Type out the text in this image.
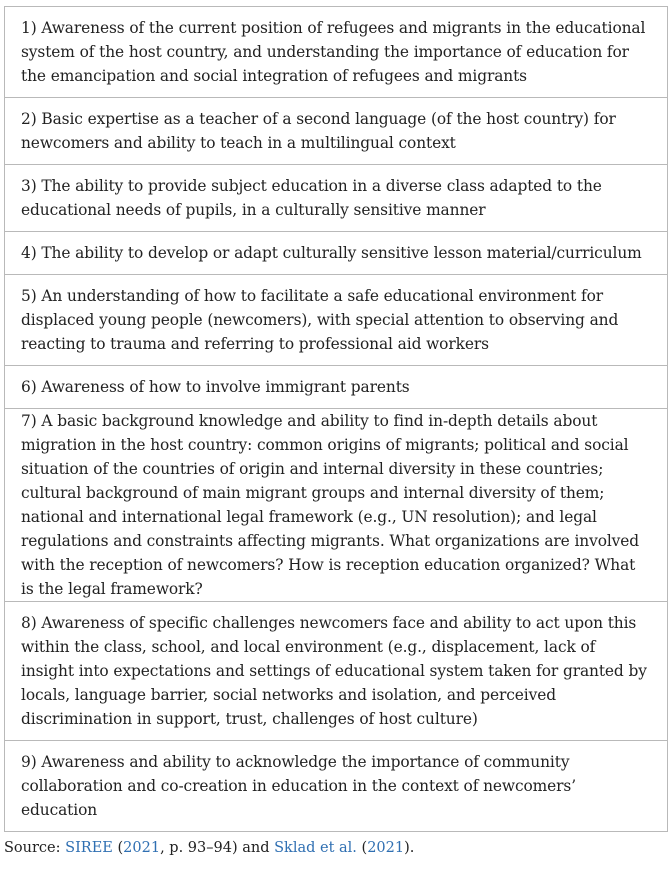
1) Awareness of the current position of refugees and migrants in the educational system of the host country, and understanding the importance of education for the emancipation and social integration of refugees and migrants
2) Basic expertise as a teacher of a second language (of the host country) for newcomers and ability to teach in a multilingual context
3) The ability to provide subject education in a diverse class adapted to the educational needs of pupils, in a culturally sensitive manner
4) The ability to develop or adapt culturally sensitive lesson material/curriculum
5) An understanding of how to facilitate a safe educational environment for displaced young people (newcomers), with special attention to observing and reacting to trauma and referring to professional aid workers
6) Awareness of how to involve immigrant parents
7) A basic background knowledge and ability to find in-depth details about migration in the host country: common origins of migrants; political and social situation of the countries of origin and internal diversity in these countries; cultural background of main migrant groups and internal diversity of them; national and international legal framework (e.g., UN resolution); and legal regulations and constraints affecting migrants. What organizations are involved with the reception of newcomers? How is reception education organized? What is the legal framework?
8) Awareness of specific challenges newcomers face and ability to act upon this within the class, school, and local environment (e.g., displacement, lack of insight into expectations and settings of educational system taken for granted by locals, language barrier, social networks and isolation, and perceived discrimination in support, trust, challenges of host culture)
9) Awareness and ability to acknowledge the importance of community collaboration and co-creation in education in the context of newcomers’ education
Source: SIREE (2021, p. 93–94) and Sklad et al. (2021).
